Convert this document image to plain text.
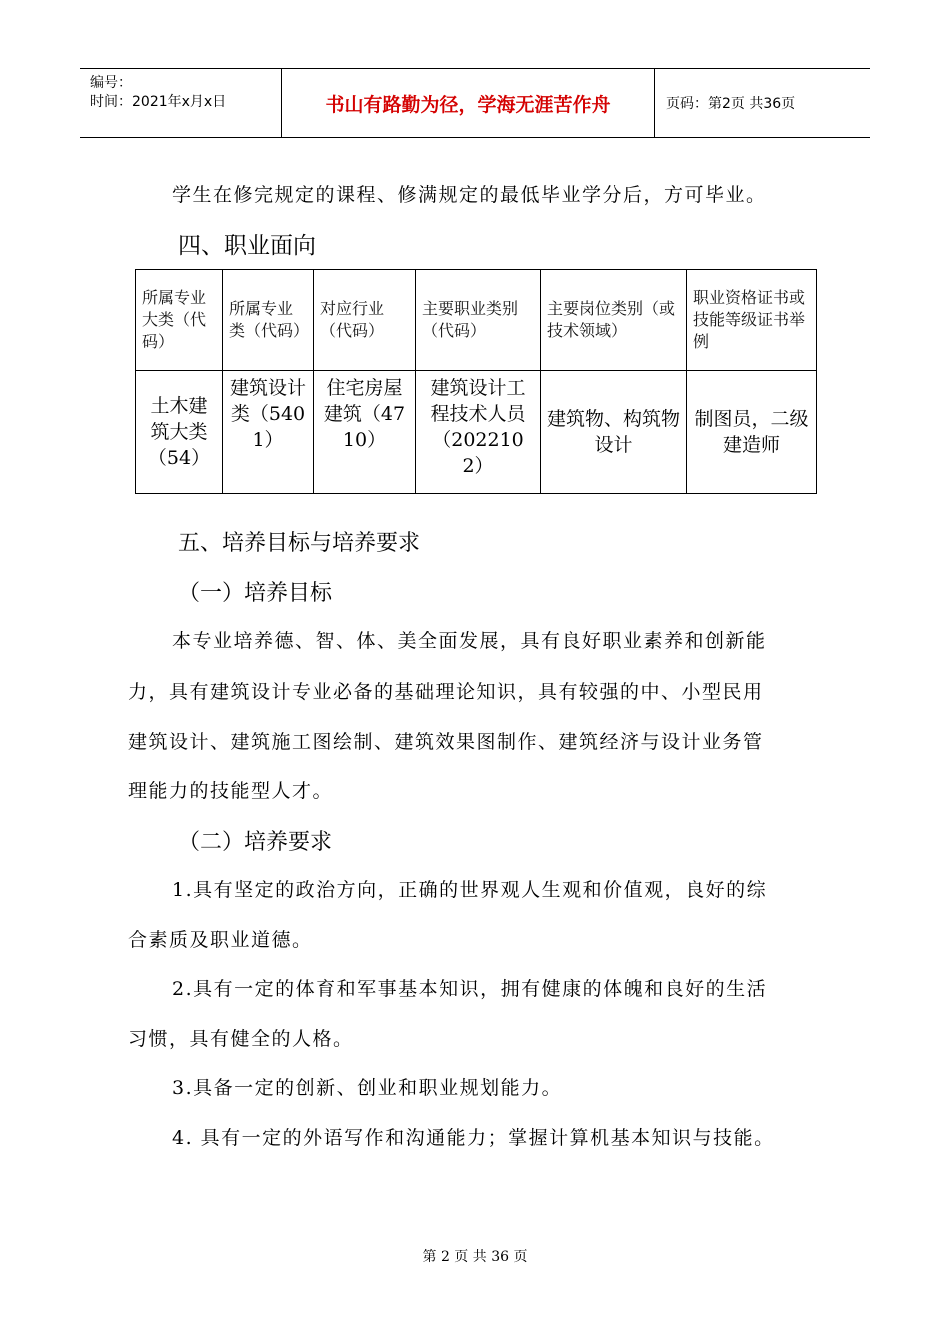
编号：
时间：2021年x月x日	书山有路勤为径，学海无涯苦作舟	页码：第2页 共36页
学生在修完规定的课程、修满规定的最低毕业学分后，方可毕业。
四、职业面向
所属专业大类（代码）	所属专业类（代码）	对应行业（代码）	主要职业类别（代码）	主要岗位类别（或技术领域）	职业资格证书或技能等级证书举例
土木建筑大类（54）	建筑设计类（5401）	住宅房屋建筑（4710）	建筑设计工程技术人员（2022102）	建筑物、构筑物设计	制图员，二级建造师
五、培养目标与培养要求
（一）培养目标
本专业培养德、智、体、美全面发展，具有良好职业素养和创新能
力，具有建筑设计专业必备的基础理论知识，具有较强的中、小型民用
建筑设计、建筑施工图绘制、建筑效果图制作、建筑经济与设计业务管
理能力的技能型人才。
（二）培养要求
1.具有坚定的政治方向，正确的世界观人生观和价值观，良好的综
合素质及职业道德。
2.具有一定的体育和军事基本知识，拥有健康的体魄和良好的生活
习惯，具有健全的人格。
3.具备一定的创新、创业和职业规划能力。
4. 具有一定的外语写作和沟通能力；掌握计算机基本知识与技能。
第 2 页 共 36 页
